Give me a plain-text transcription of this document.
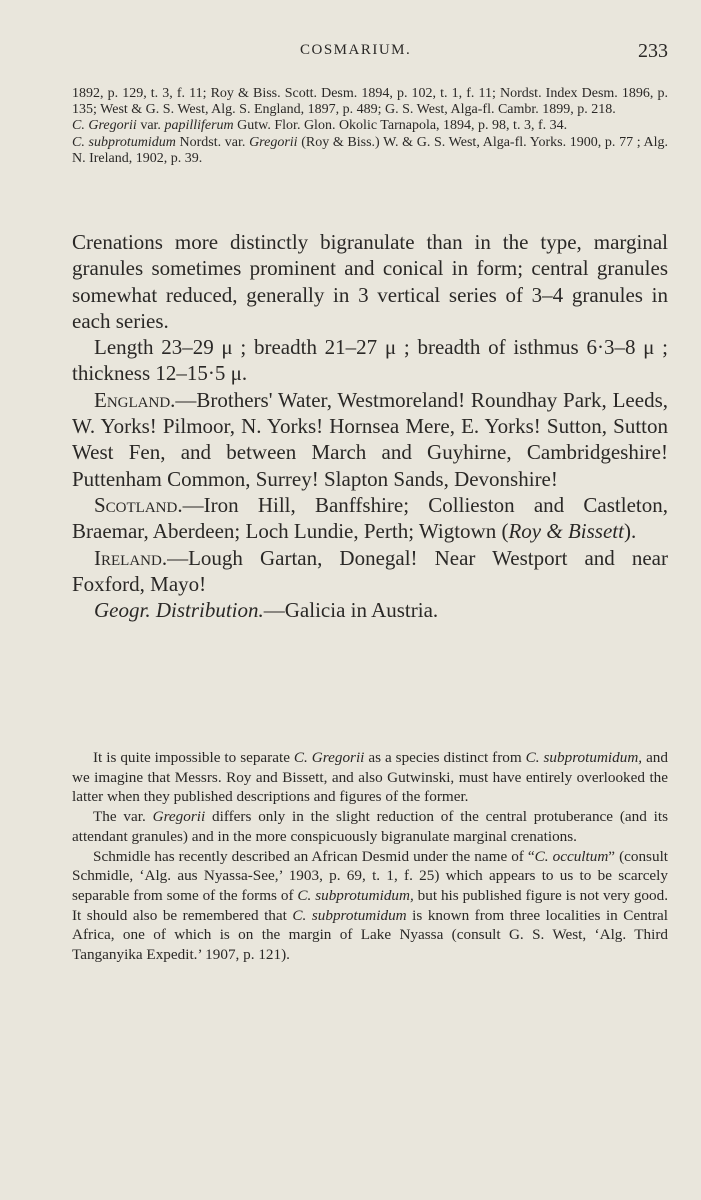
COSMARIUM.	233

1892, p. 129, t. 3, f. 11; Roy & Biss. Scott. Desm. 1894, p. 102, t. 1, f. 11; Nordst. Index Desm. 1896, p. 135; West & G. S. West, Alg. S. England, 1897, p. 489; G. S. West, Alga-fl. Cambr. 1899, p. 218.

C. Gregorii var. papilliferum Gutw. Flor. Glon. Okolic Tarnapola, 1894, p. 98, t. 3, f. 34.

C. subprotumidum Nordst. var. Gregorii (Roy & Biss.) W. & G. S. West, Alga-fl. Yorks. 1900, p. 77 ; Alg. N. Ireland, 1902, p. 39.

Crenations more distinctly bigranulate than in the type, marginal granules sometimes prominent and conical in form; central granules somewhat reduced, generally in 3 vertical series of 3–4 granules in each series.

Length 23–29 μ ; breadth 21–27 μ ; breadth of isthmus 6·3–8 μ ; thickness 12–15·5 μ.

England.—Brothers' Water, Westmoreland! Roundhay Park, Leeds, W. Yorks! Pilmoor, N. Yorks! Hornsea Mere, E. Yorks! Sutton, Sutton West Fen, and between March and Guyhirne, Cambridgeshire! Puttenham Common, Surrey! Slapton Sands, Devonshire!

Scotland.—Iron Hill, Banffshire; Collieston and Castleton, Braemar, Aberdeen; Loch Lundie, Perth; Wigtown (Roy & Bissett).

Ireland.—Lough Gartan, Donegal! Near Westport and near Foxford, Mayo!

Geogr. Distribution.—Galicia in Austria.

It is quite impossible to separate C. Gregorii as a species distinct from C. subprotumidum, and we imagine that Messrs. Roy and Bissett, and also Gutwinski, must have entirely overlooked the latter when they published descriptions and figures of the former.

The var. Gregorii differs only in the slight reduction of the central protuberance (and its attendant granules) and in the more conspicuously bigranulate marginal crenations.

Schmidle has recently described an African Desmid under the name of “C. occultum” (consult Schmidle, ‘Alg. aus Nyassa-See,’ 1903, p. 69, t. 1, f. 25) which appears to us to be scarcely separable from some of the forms of C. subprotumidum, but his published figure is not very good. It should also be remembered that C. subprotumidum is known from three localities in Central Africa, one of which is on the margin of Lake Nyassa (consult G. S. West, ‘Alg. Third Tanganyika Expedit.’ 1907, p. 121).
